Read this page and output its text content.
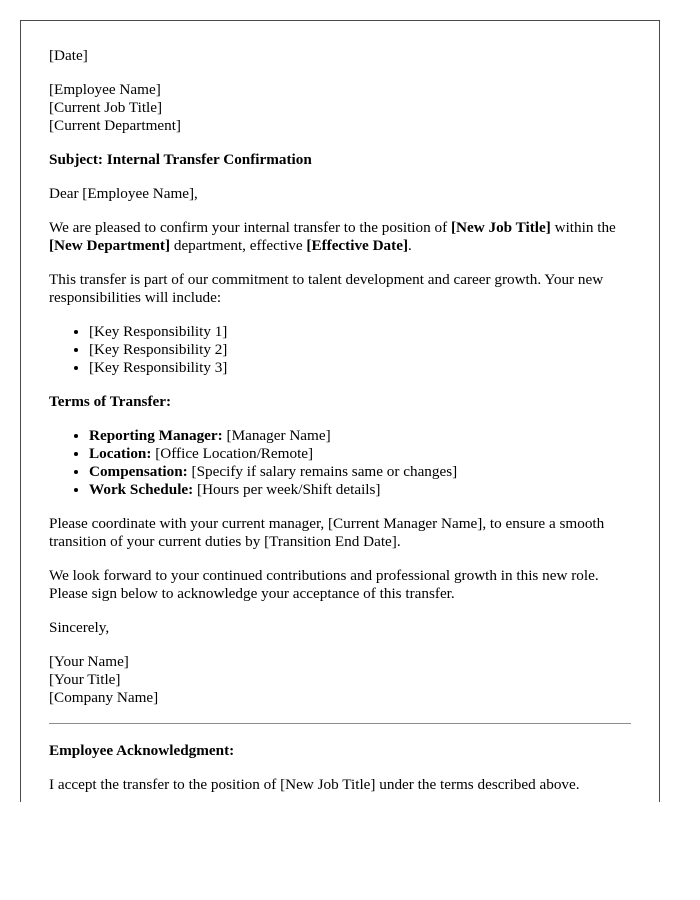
[Date]

[Employee Name]
[Current Job Title]
[Current Department]

Subject: Internal Transfer Confirmation

Dear [Employee Name],

We are pleased to confirm your internal transfer to the position of [New Job Title] within the [New Department] department, effective [Effective Date].

This transfer is part of our commitment to talent development and career growth. Your new responsibilities will include:

• [Key Responsibility 1]
• [Key Responsibility 2]
• [Key Responsibility 3]

Terms of Transfer:

• Reporting Manager: [Manager Name]
• Location: [Office Location/Remote]
• Compensation: [Specify if salary remains same or changes]
• Work Schedule: [Hours per week/Shift details]

Please coordinate with your current manager, [Current Manager Name], to ensure a smooth transition of your current duties by [Transition End Date].

We look forward to your continued contributions and professional growth in this new role. Please sign below to acknowledge your acceptance of this transfer.

Sincerely,

[Your Name]
[Your Title]
[Company Name]

Employee Acknowledgment:

I accept the transfer to the position of [New Job Title] under the terms described above.
